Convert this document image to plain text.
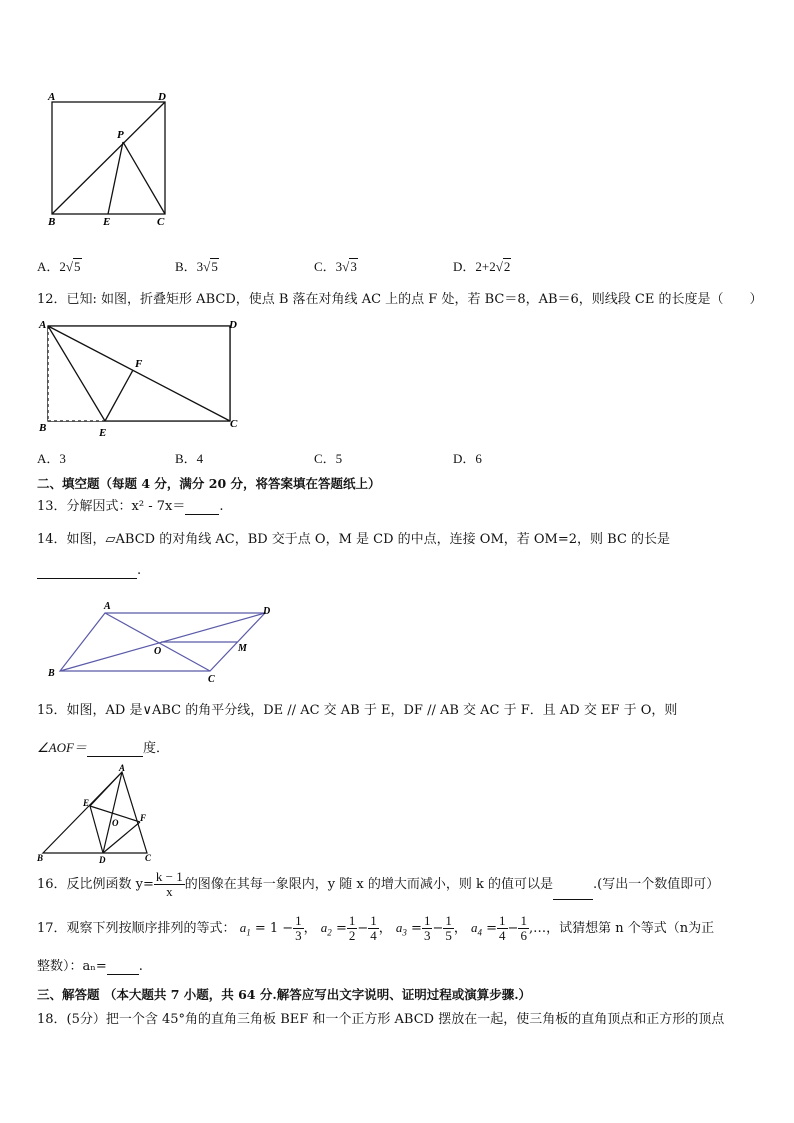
A	D
P
B	E	C
A．2√5	B．3√5	C．3√3	D．2+2√2
12．已知: 如图，折叠矩形 ABCD，使点 B 落在对角线 AC 上的点 F 处，若 BC＝8，AB＝6，则线段 CE 的长度是（　　）
A	D
F
B	E
C
A．3	B．4	C．5	D．6
二、填空题（每题 4 分，满分 20 分，将答案填在答题纸上）
13．分解因式：x² - 7x＝	.
14．如图，▱ABCD 的对角线 AC，BD 交于点 O，M 是 CD 的中点，连接 OM，若 OM=2，则 BC 的长是
.
A	D
O	M
B
C
15．如图，AD 是∨ABC 的角平分线，DE // AC 交 AB 于 E，DF // AB 交 AC 于 F．且 AD 交 EF 于 O，则
∠AOF＝	度．
A
E
O F
B	D	C
16．反比例函数 $y= \frac{k - 1}{x}$ 的图像在其每一象限内，y 随 x 的增大而减小，则 k 的值可以是	.(写出一个数值即可）
17．观察下列按顺序排列的等式： $a_1 = 1 - \frac{1}{3}$ ， $a_2 = \frac{1}{2} - \frac{1}{4}$ ， $a_3 = \frac{1}{3} - \frac{1}{5}$ ， $a_4 = \frac{1}{4} - \frac{1}{6}$ ,…，试猜想第 n 个等式（n为正
整数）：aₙ= .
三、解答题 （本大题共 7 小题，共 64 分.解答应写出文字说明、证明过程或演算步骤.）
18．(5分）把一个含 45°角的直角三角板 BEF 和一个正方形 ABCD 摆放在一起，使三角板的直角顶点和正方形的顶点
